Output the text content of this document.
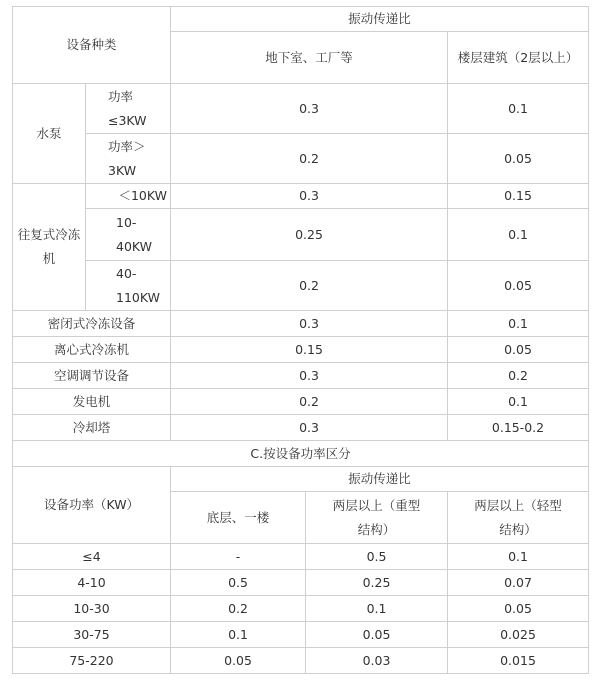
设备种类		振动传递比		
		地下室、工厂等		楼层建筑（2层以上）
水泵	功率≤3KW	0.3		0.1
	功率＞3KW	0.2		0.05
往复式冷冻机	＜10KW	0.3		0.15
	10-40KW	0.25		0.1
	40-110KW	0.2		0.05
密闭式冷冻设备		0.3		0.1
离心式冷冻机		0.15		0.05
空调调节设备		0.3		0.2
发电机		0.2		0.1
冷却塔		0.3		0.15-0.2
C.按设备功率区分				
设备功率（KW）		振动传递比		
		底层、一楼	两层以上（重型结构）	两层以上（轻型结构）
≤4		-	0.5	0.1
4-10		0.5	0.25	0.07
10-30		0.2	0.1	0.05
30-75		0.1	0.05	0.025
75-220		0.05	0.03	0.015
